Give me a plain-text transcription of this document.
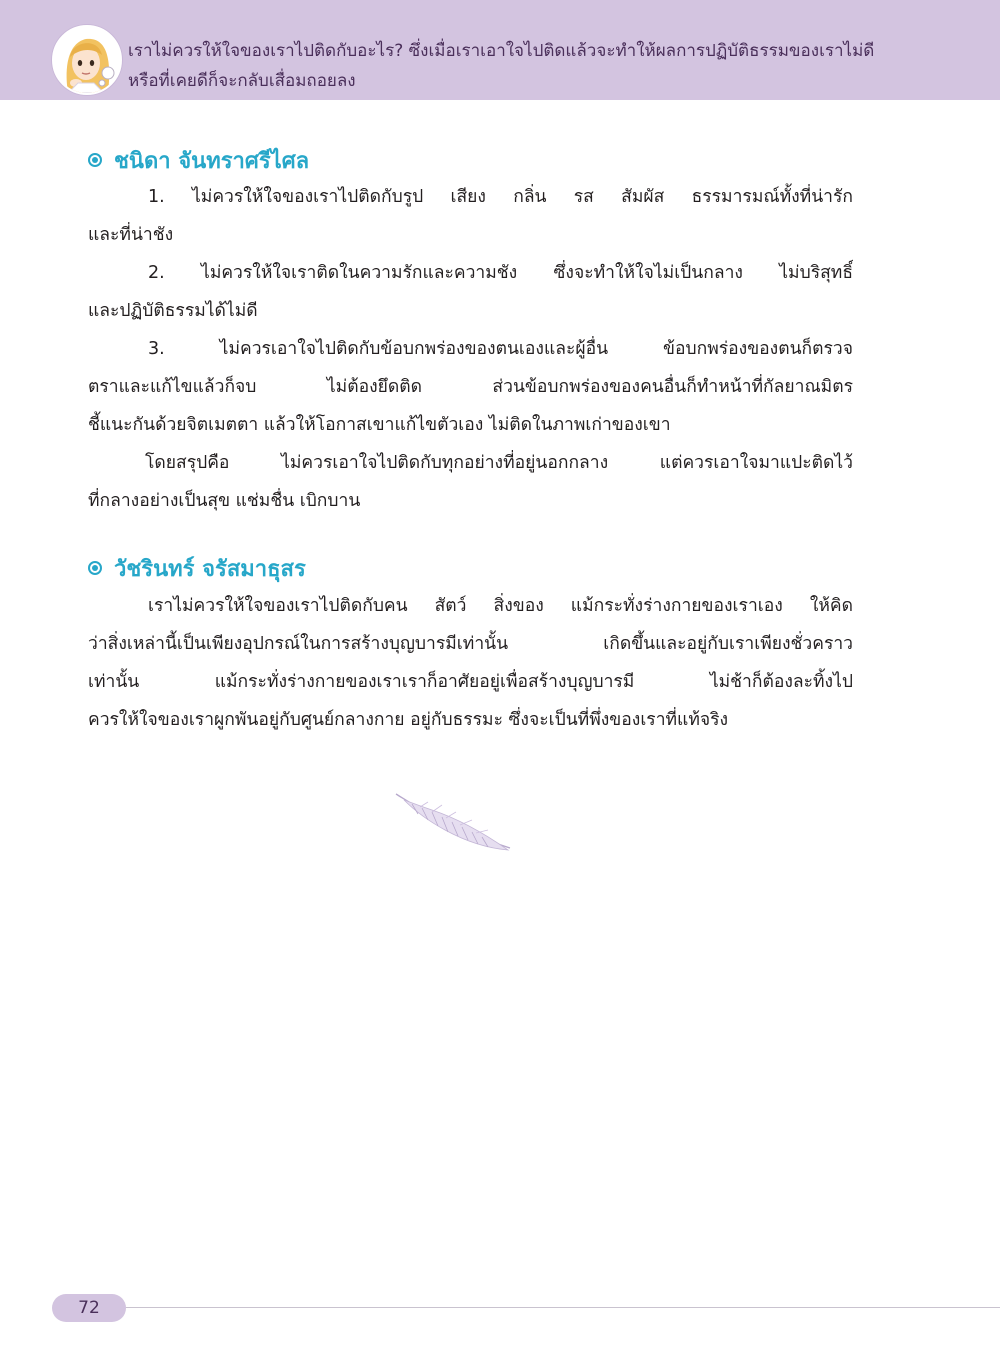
เราไม่ควรให้ใจของเราไปติดกับอะไร? ซึ่งเมื่อเราเอาใจไปติดแล้วจะทำให้ผลการปฏิบัติธรรมของเราไม่ดี
หรือที่เคยดีก็จะกลับเสื่อมถอยลง

ชนิดา จันทราศรีไศล
1. ไม่ควรให้ใจของเราไปติดกับรูป เสียง กลิ่น รส สัมผัส ธรรมารมณ์ทั้งที่น่ารัก
และที่น่าชัง
2. ไม่ควรให้ใจเราติดในความรักและความชัง ซึ่งจะทำให้ใจไม่เป็นกลาง ไม่บริสุทธิ์
และปฏิบัติธรรมได้ไม่ดี
3. ไม่ควรเอาใจไปติดกับข้อบกพร่องของตนเองและผู้อื่น ข้อบกพร่องของตนก็ตรวจ
ตราและแก้ไขแล้วก็จบ ไม่ต้องยึดติด ส่วนข้อบกพร่องของคนอื่นก็ทำหน้าที่กัลยาณมิตร
ชี้แนะกันด้วยจิตเมตตา แล้วให้โอกาสเขาแก้ไขตัวเอง ไม่ติดในภาพเก่าของเขา
โดยสรุปคือ ไม่ควรเอาใจไปติดกับทุกอย่างที่อยู่นอกกลาง แต่ควรเอาใจมาแปะติดไว้
ที่กลางอย่างเป็นสุข แช่มชื่น เบิกบาน
วัชรินทร์ จรัสมาธุสร
เราไม่ควรให้ใจของเราไปติดกับคน สัตว์ สิ่งของ แม้กระทั่งร่างกายของเราเอง ให้คิด
ว่าสิ่งเหล่านี้เป็นเพียงอุปกรณ์ในการสร้างบุญบารมีเท่านั้น เกิดขึ้นและอยู่กับเราเพียงชั่วคราว
เท่านั้น แม้กระทั่งร่างกายของเราเราก็อาศัยอยู่เพื่อสร้างบุญบารมี ไม่ช้าก็ต้องละทิ้งไป
ควรให้ใจของเราผูกพันอยู่กับศูนย์กลางกาย อยู่กับธรรมะ ซึ่งจะเป็นที่พึ่งของเราที่แท้จริง
72
